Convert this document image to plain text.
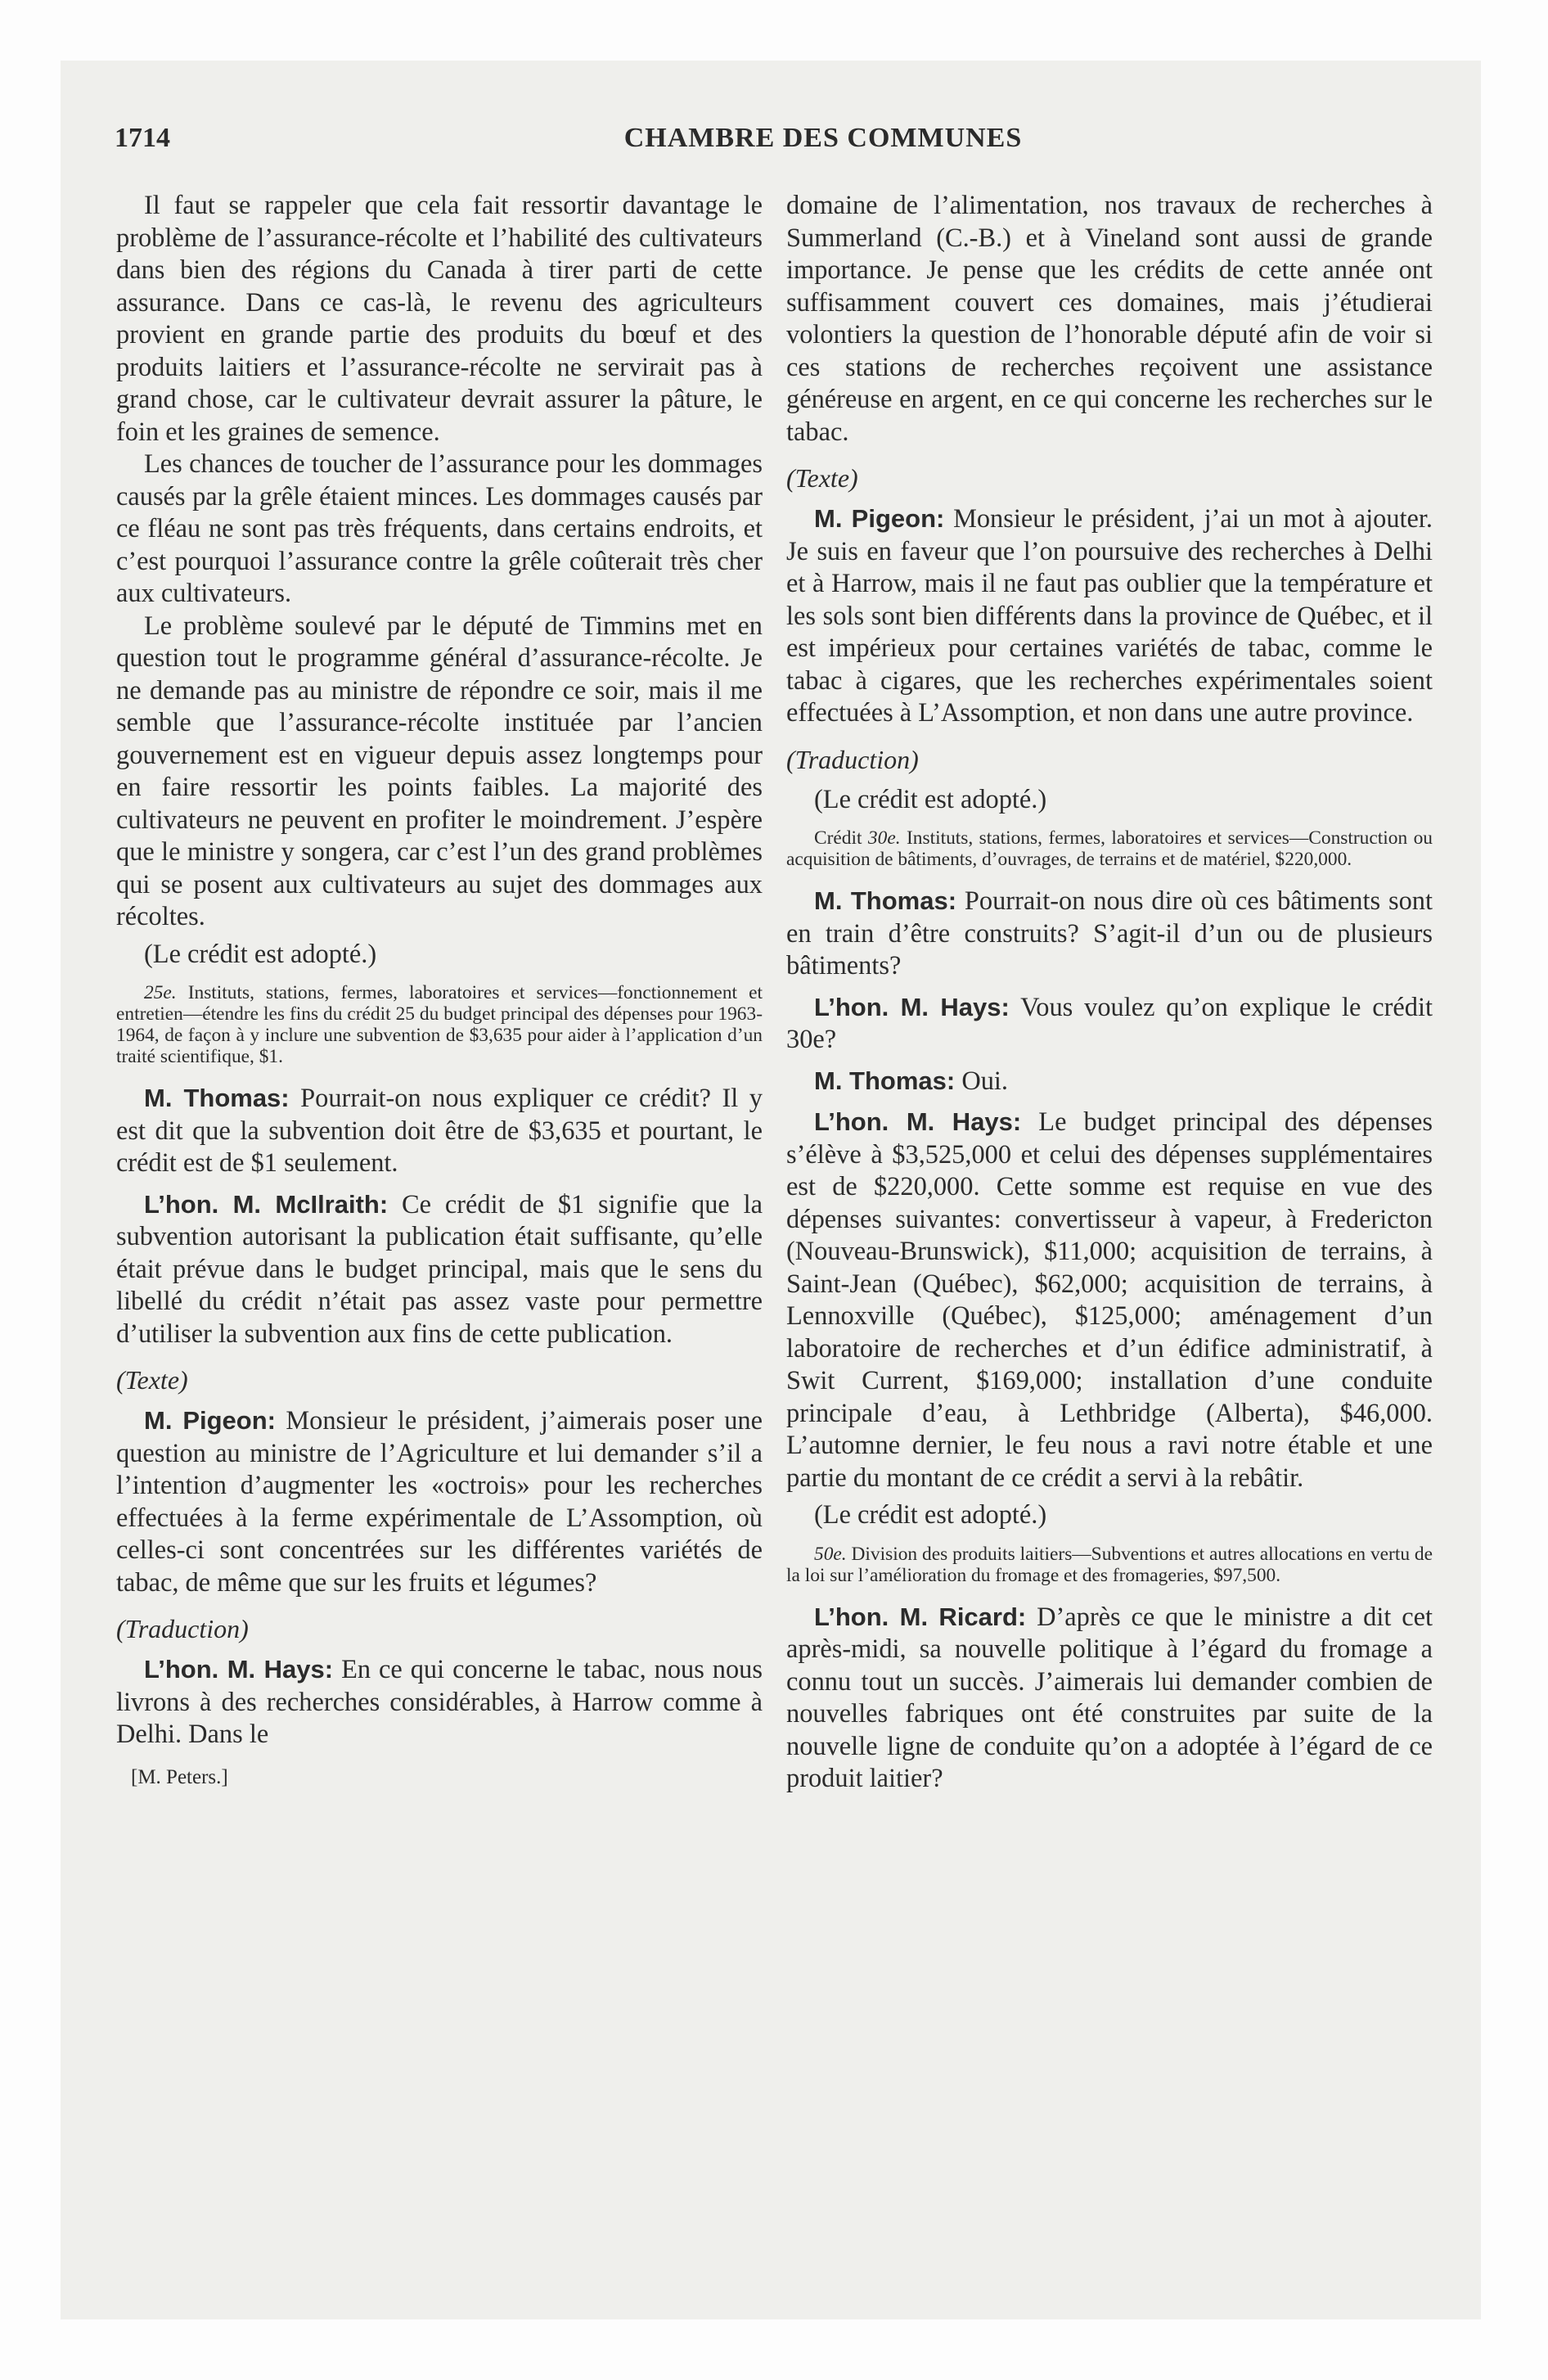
1714	CHAMBRE DES COMMUNES

Il faut se rappeler que cela fait ressortir davantage le problème de l’assurance-récolte et l’habilité des cultivateurs dans bien des régions du Canada à tirer parti de cette assurance. Dans ce cas-là, le revenu des agriculteurs provient en grande partie des produits du bœuf et des produits laitiers et l’assurance-récolte ne servirait pas à grand chose, car le cultivateur devrait assurer la pâture, le foin et les graines de semence.

Les chances de toucher de l’assurance pour les dommages causés par la grêle étaient minces. Les dommages causés par ce fléau ne sont pas très fréquents, dans certains endroits, et c’est pourquoi l’assurance contre la grêle coûterait très cher aux cultivateurs.

Le problème soulevé par le député de Timmins met en question tout le programme général d’assurance-récolte. Je ne demande pas au ministre de répondre ce soir, mais il me semble que l’assurance-récolte instituée par l’ancien gouvernement est en vigueur depuis assez longtemps pour en faire ressortir les points faibles. La majorité des cultivateurs ne peuvent en profiter le moindrement. J’espère que le ministre y songera, car c’est l’un des grand problèmes qui se posent aux cultivateurs au sujet des dommages aux récoltes.

(Le crédit est adopté.)

25e. Instituts, stations, fermes, laboratoires et services—fonctionnement et entretien—étendre les fins du crédit 25 du budget principal des dépenses pour 1963-1964, de façon à y inclure une subvention de $3,635 pour aider à l’application d’un traité scientifique, $1.

M. Thomas: Pourrait-on nous expliquer ce crédit? Il y est dit que la subvention doit être de $3,635 et pourtant, le crédit est de $1 seulement.

L’hon. M. McIlraith: Ce crédit de $1 signifie que la subvention autorisant la publication était suffisante, qu’elle était prévue dans le budget principal, mais que le sens du libellé du crédit n’était pas assez vaste pour permettre d’utiliser la subvention aux fins de cette publication.

(Texte)

M. Pigeon: Monsieur le président, j’aimerais poser une question au ministre de l’Agriculture et lui demander s’il a l’intention d’augmenter les «octrois» pour les recherches effectuées à la ferme expérimentale de L’Assomption, où celles-ci sont concentrées sur les différentes variétés de tabac, de même que sur les fruits et légumes?

(Traduction)

L’hon. M. Hays: En ce qui concerne le tabac, nous nous livrons à des recherches considérables, à Harrow comme à Delhi. Dans le

[M. Peters.]

domaine de l’alimentation, nos travaux de recherches à Summerland (C.-B.) et à Vineland sont aussi de grande importance. Je pense que les crédits de cette année ont suffisamment couvert ces domaines, mais j’étudierai volontiers la question de l’honorable député afin de voir si ces stations de recherches reçoivent une assistance généreuse en argent, en ce qui concerne les recherches sur le tabac.

(Texte)

M. Pigeon: Monsieur le président, j’ai un mot à ajouter. Je suis en faveur que l’on poursuive des recherches à Delhi et à Harrow, mais il ne faut pas oublier que la température et les sols sont bien différents dans la province de Québec, et il est impérieux pour certaines variétés de tabac, comme le tabac à cigares, que les recherches expérimentales soient effectuées à L’Assomption, et non dans une autre province.

(Traduction)

(Le crédit est adopté.)

Crédit 30e. Instituts, stations, fermes, laboratoires et services—Construction ou acquisition de bâtiments, d’ouvrages, de terrains et de matériel, $220,000.

M. Thomas: Pourrait-on nous dire où ces bâtiments sont en train d’être construits? S’agit-il d’un ou de plusieurs bâtiments?

L’hon. M. Hays: Vous voulez qu’on explique le crédit 30e?

M. Thomas: Oui.

L’hon. M. Hays: Le budget principal des dépenses s’élève à $3,525,000 et celui des dépenses supplémentaires est de $220,000. Cette somme est requise en vue des dépenses suivantes: convertisseur à vapeur, à Fredericton (Nouveau-Brunswick), $11,000; acquisition de terrains, à Saint-Jean (Québec), $62,000; acquisition de terrains, à Lennoxville (Québec), $125,000; aménagement d’un laboratoire de recherches et d’un édifice administratif, à Swit Current, $169,000; installation d’une conduite principale d’eau, à Lethbridge (Alberta), $46,000. L’automne dernier, le feu nous a ravi notre étable et une partie du montant de ce crédit a servi à la rebâtir.

(Le crédit est adopté.)

50e. Division des produits laitiers—Subventions et autres allocations en vertu de la loi sur l’amélioration du fromage et des fromageries, $97,500.

L’hon. M. Ricard: D’après ce que le ministre a dit cet après-midi, sa nouvelle politique à l’égard du fromage a connu tout un succès. J’aimerais lui demander combien de nouvelles fabriques ont été construites par suite de la nouvelle ligne de conduite qu’on a adoptée à l’égard de ce produit laitier?
